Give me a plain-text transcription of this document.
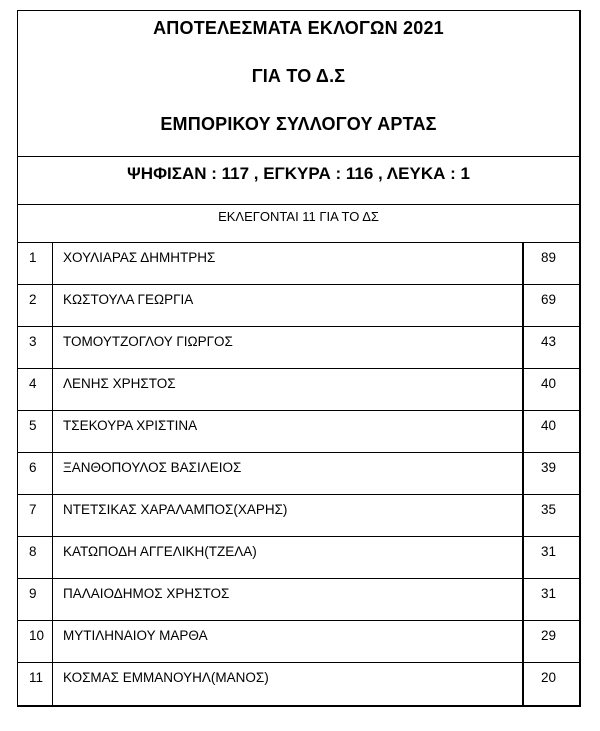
ΑΠΟΤΕΛΕΣΜΑΤΑ ΕΚΛΟΓΩΝ 2021
ΓΙΑ ΤΟ Δ.Σ
ΕΜΠΟΡΙΚΟΥ ΣΥΛΛΟΓΟΥ ΑΡΤΑΣ
ΨΗΦΙΣΑΝ : 117 , ΕΓΚΥΡΑ : 116 , ΛΕΥΚΑ : 1
ΕΚΛΕΓΟΝΤΑΙ 11 ΓΙΑ ΤΟ ΔΣ
1	ΧΟΥΛΙΑΡΑΣ ΔΗΜΗΤΡΗΣ	89
2	ΚΩΣΤΟΥΛΑ ΓΕΩΡΓΙΑ	69
3	ΤΟΜΟΥΤΖΟΓΛΟΥ ΓΙΩΡΓΟΣ	43
4	ΛΕΝΗΣ ΧΡΗΣΤΟΣ	40
5	ΤΣΕΚΟΥΡΑ ΧΡΙΣΤΙΝΑ	40
6	ΞΑΝΘΟΠΟΥΛΟΣ ΒΑΣΙΛΕΙΟΣ	39
7	ΝΤΕΤΣΙΚΑΣ ΧΑΡΑΛΑΜΠΟΣ(ΧΑΡΗΣ)	35
8	ΚΑΤΩΠΟΔΗ ΑΓΓΕΛΙΚΗ(ΤΖΕΛΑ)	31
9	ΠΑΛΑΙΟΔΗΜΟΣ ΧΡΗΣΤΟΣ	31
10	ΜΥΤΙΛΗΝΑΙΟΥ ΜΑΡΘΑ	29
11	ΚΟΣΜΑΣ ΕΜΜΑΝΟΥΗΛ(ΜΑΝΟΣ)	20
